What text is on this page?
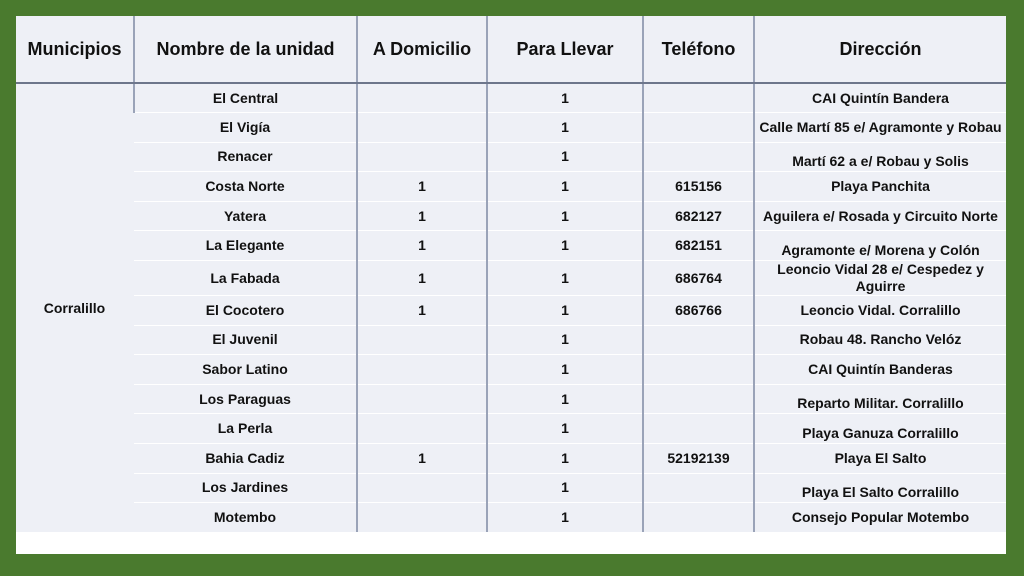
Municipios	Nombre de la unidad	A Domicilio	Para Llevar	Teléfono	Dirección
Corralillo	El Central		1		CAI Quintín Bandera
	El Vigía		1		Calle Martí 85 e/ Agramonte y Robau
	Renacer		1		Martí 62 a e/ Robau y Solis
	Costa Norte	1	1	615156	Playa Panchita
	Yatera	1	1	682127	Aguilera e/ Rosada y Circuito Norte
	La Elegante	1	1	682151	Agramonte e/ Morena y Colón
	La Fabada	1	1	686764	Leoncio Vidal 28 e/ Cespedez y Aguirre
	El Cocotero	1	1	686766	Leoncio Vidal. Corralillo
	El Juvenil		1		Robau 48. Rancho Velóz
	Sabor Latino		1		CAI Quintín Banderas
	Los Paraguas		1		Reparto Militar. Corralillo
	La Perla		1		Playa Ganuza Corralillo
	Bahia Cadiz	1	1	52192139	Playa El Salto
	Los Jardines		1		Playa El Salto Corralillo
	Motembo		1		Consejo Popular Motembo
